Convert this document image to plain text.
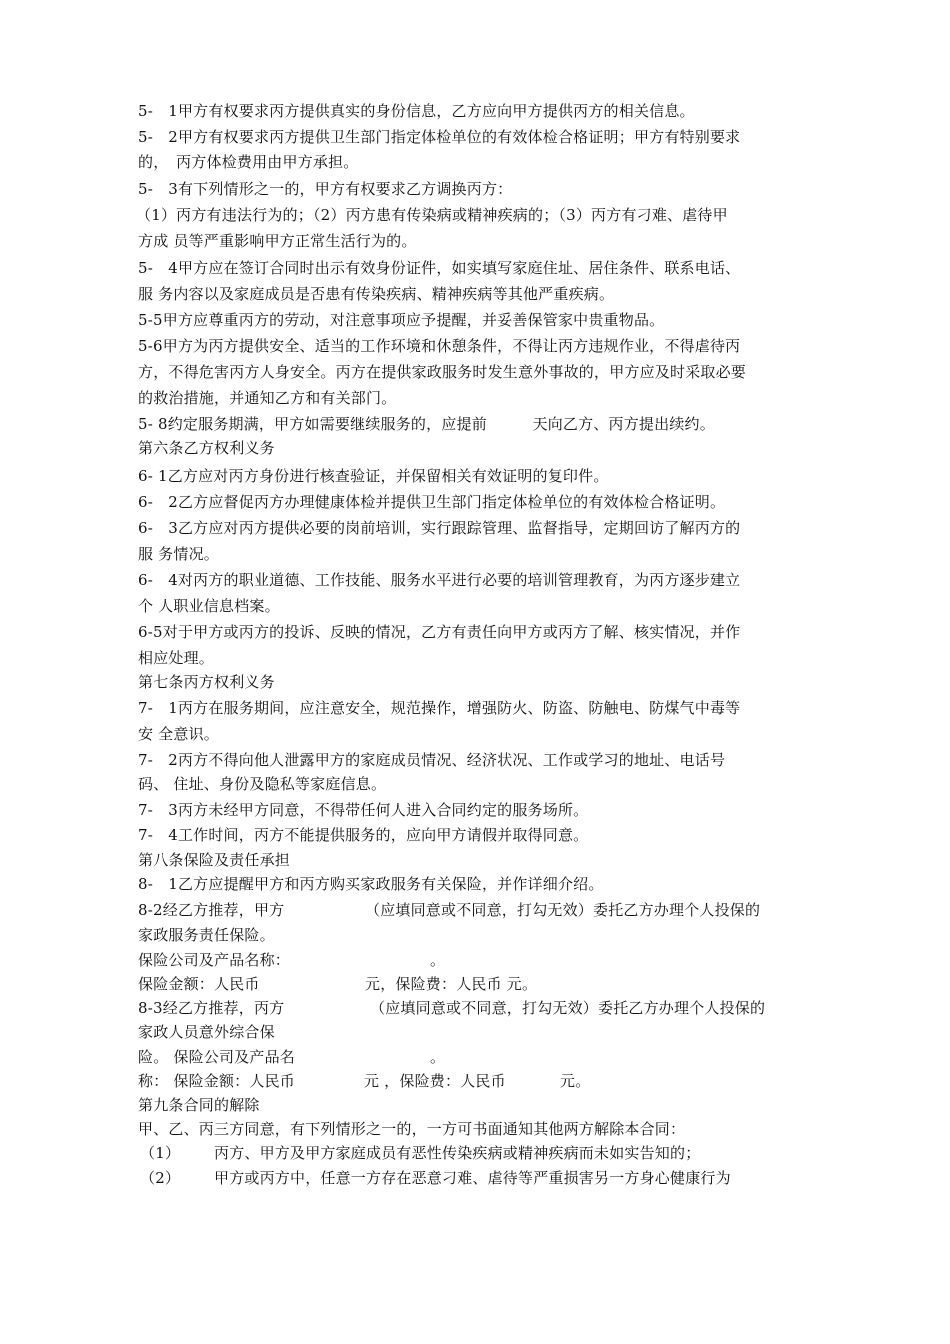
5-　1甲方有权要求丙方提供真实的身份信息，乙方应向甲方提供丙方的相关信息。
5-　2甲方有权要求丙方提供卫生部门指定体检单位的有效体检合格证明；甲方有特别要求
的，　丙方体检费用由甲方承担。
5-　3有下列情形之一的，甲方有权要求乙方调换丙方：
（1）丙方有违法行为的；（2）丙方患有传染病或精神疾病的；（3）丙方有刁难、虐待甲
方成 员等严重影响甲方正常生活行为的。
5-　4甲方应在签订合同时出示有效身份证件，如实填写家庭住址、居住条件、联系电话、
服 务内容以及家庭成员是否患有传染疾病、精神疾病等其他严重疾病。
5-5甲方应尊重丙方的劳动，对注意事项应予提醒，并妥善保管家中贵重物品。
5-6甲方为丙方提供安全、适当的工作环境和休憩条件，不得让丙方违规作业，不得虐待丙
方，不得危害丙方人身安全。丙方在提供家政服务时发生意外事故的，甲方应及时采取必要
的救治措施，并通知乙方和有关部门。
5- 8约定服务期满，甲方如需要继续服务的，应提前　　　天向乙方、丙方提出续约。
第六条乙方权利义务
6- 1乙方应对丙方身份进行核查验证，并保留相关有效证明的复印件。
6-　2乙方应督促丙方办理健康体检并提供卫生部门指定体检单位的有效体检合格证明。
6-　3乙方应对丙方提供必要的岗前培训，实行跟踪管理、监督指导，定期回访了解丙方的
服 务情况。
6-　4对丙方的职业道德、工作技能、服务水平进行必要的培训管理教育，为丙方逐步建立
个 人职业信息档案。
6-5对于甲方或丙方的投诉、反映的情况，乙方有责任向甲方或丙方了解、核实情况，并作
相应处理。
第七条丙方权利义务
7-　1丙方在服务期间，应注意安全，规范操作，增强防火、防盗、防触电、防煤气中毒等
安 全意识。
7-　2丙方不得向他人泄露甲方的家庭成员情况、经济状况、工作或学习的地址、电话号
码、 住址、身份及隐私等家庭信息。
7-　3丙方未经甲方同意，不得带任何人进入合同约定的服务场所。
7-　4工作时间，丙方不能提供服务的，应向甲方请假并取得同意。
第八条保险及责任承担
8-　1乙方应提醒甲方和丙方购买家政服务有关保险，并作详细介绍。
8-2经乙方推荐，甲方	（应填同意或不同意，打勾无效）委托乙方办理个人投保的
家政服务责任保险。
保险公司及产品名称：	。
保险金额：人民币	元，保险费：人民币 元。
8-3经乙方推荐，丙方	（应填同意或不同意，打勾无效）委托乙方办理个人投保的
家政人员意外综合保
险。 保险公司及产品名	。
称： 保险金额：人民币	元 ，保险费：人民币	元。
第九条合同的解除
甲、乙、丙三方同意，有下列情形之一的，一方可书面通知其他两方解除本合同：
（1） 丙方、甲方及甲方家庭成员有恶性传染疾病或精神疾病而未如实告知的；
（2） 甲方或丙方中，任意一方存在恶意刁难、虐待等严重损害另一方身心健康行为
